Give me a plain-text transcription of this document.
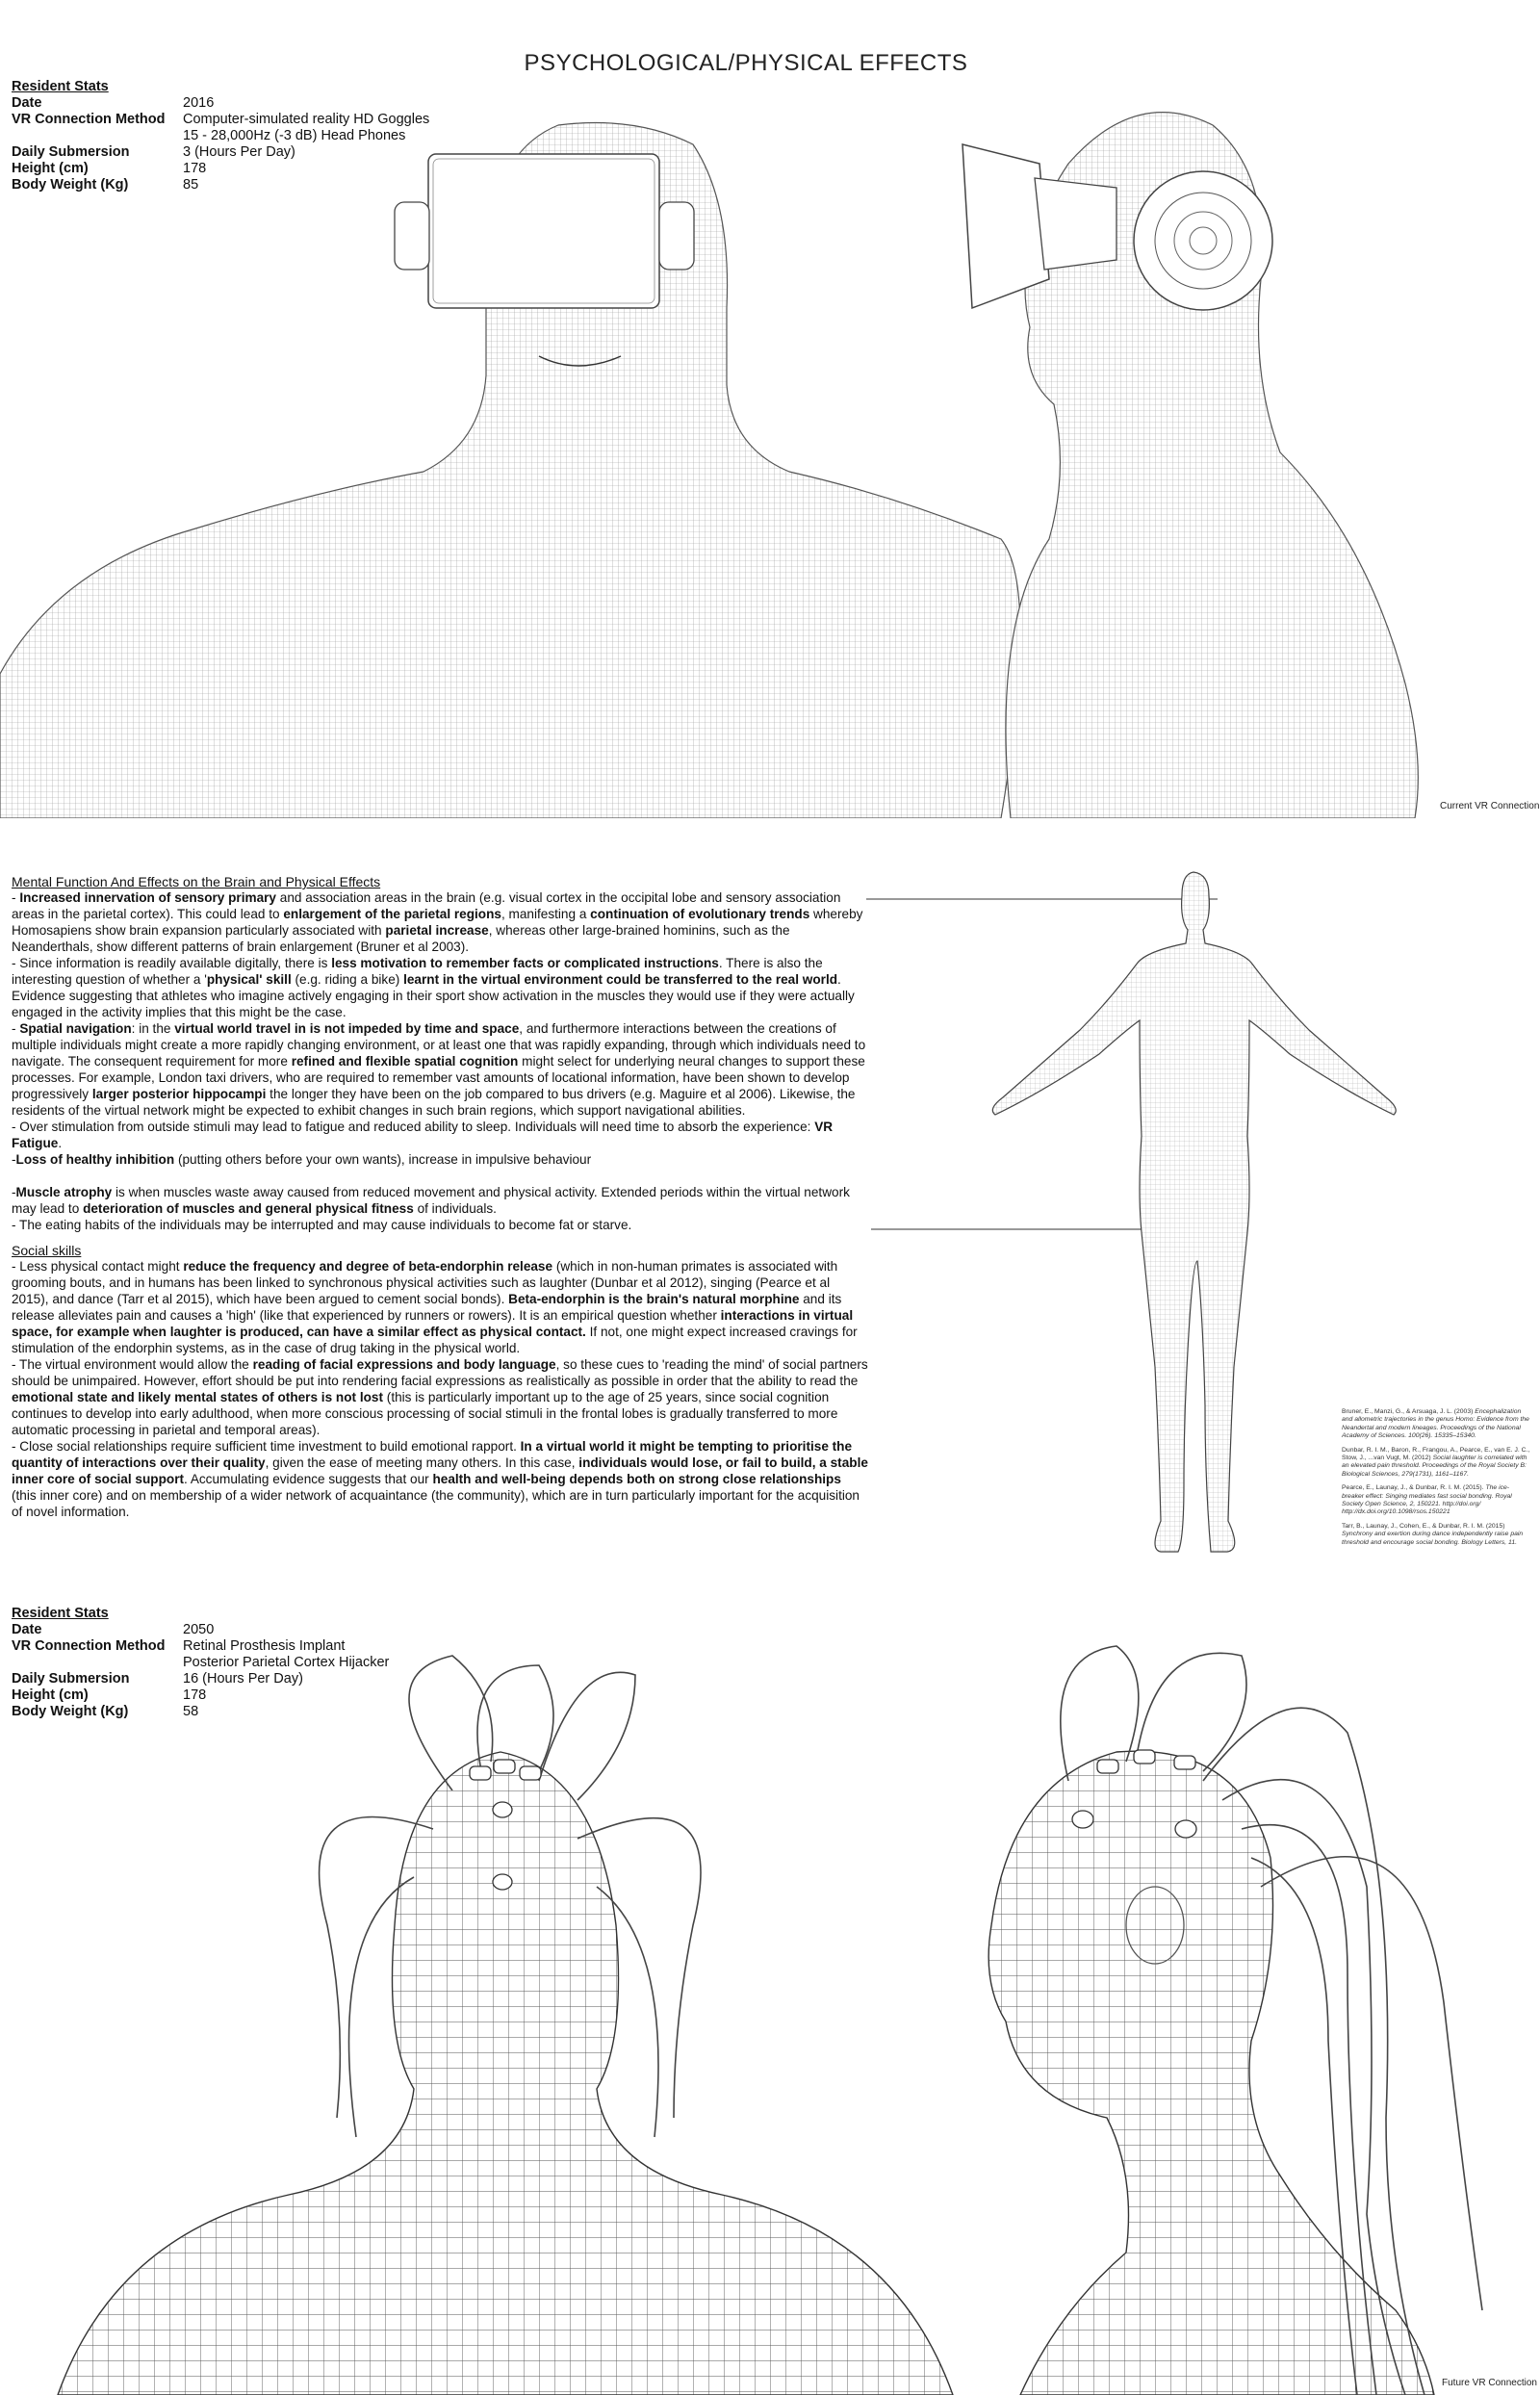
PSYCHOLOGICAL/PHYSICAL EFFECTS
Resident Stats
Date	2016
VR Connection Method	Computer-simulated reality HD Goggles
15 - 28,000Hz (-3 dB) Head Phones
Daily Submersion	3 (Hours Per Day)
Height (cm)	178
Body Weight (Kg)	85
Current VR Connection
Mental Function And Effects on the Brain and Physical Effects

- Increased innervation of sensory primary and association areas in the brain (e.g. visual cortex in the occipital lobe and sensory association areas in the parietal cortex). This could lead to enlargement of the parietal regions, manifesting a continuation of evolutionary trends whereby Homosapiens show brain expansion particularly associated with parietal increase, whereas other large-brained hominins, such as the Neanderthals, show different patterns of brain enlargement (Bruner et al 2003).

- Since information is readily available digitally, there is less motivation to remember facts or complicated instructions. There is also the interesting question of whether a 'physical' skill (e.g. riding a bike) learnt in the virtual environment could be transferred to the real world. Evidence suggesting that athletes who imagine actively engaging in their sport show activation in the muscles they would use if they were actually engaged in the activity implies that this might be the case.

- Spatial navigation: in the virtual world travel in is not impeded by time and space, and furthermore interactions between the creations of multiple individuals might create a more rapidly changing environment, or at least one that was rapidly expanding, through which individuals need to navigate. The consequent requirement for more refined and flexible spatial cognition might select for underlying neural changes to support these processes. For example, London taxi drivers, who are required to remember vast amounts of locational information, have been shown to develop progressively larger posterior hippocampi the longer they have been on the job compared to bus drivers (e.g. Maguire et al 2006). Likewise, the residents of the virtual network might be expected to exhibit changes in such brain regions, which support navigational abilities.

- Over stimulation from outside stimuli may lead to fatigue and reduced ability to sleep. Individuals will need time to absorb the experience: VR Fatigue.

-Loss of healthy inhibition (putting others before your own wants), increase in impulsive behaviour

-Muscle atrophy is when muscles waste away caused from reduced movement and physical activity. Extended periods within the virtual network may lead to deterioration of muscles and general physical fitness of individuals.

- The eating habits of the individuals may be interrupted and may cause individuals to become fat or starve.

Social skills

- Less physical contact might reduce the frequency and degree of beta-endorphin release (which in non-human primates is associated with grooming bouts, and in humans has been linked to synchronous physical activities such as laughter (Dunbar et al 2012), singing (Pearce et al 2015), and dance (Tarr et al 2015), which have been argued to cement social bonds). Beta-endorphin is the brain's natural morphine and its release alleviates pain and causes a 'high' (like that experienced by runners or rowers). It is an empirical question whether interactions in virtual space, for example when laughter is produced, can have a similar effect as physical contact. If not, one might expect increased cravings for stimulation of the endorphin systems, as in the case of drug taking in the physical world.

- The virtual environment would allow the reading of facial expressions and body language, so these cues to 'reading the mind' of social partners should be unimpaired. However, effort should be put into rendering facial expressions as realistically as possible in order that the ability to read the emotional state and likely mental states of others is not lost (this is particularly important up to the age of 25 years, since social cognition continues to develop into early adulthood, when more conscious processing of social stimuli in the frontal lobes is gradually transferred to more automatic processing in parietal and temporal areas).

- Close social relationships require sufficient time investment to build emotional rapport. In a virtual world it might be tempting to prioritise the quantity of interactions over their quality, given the ease of meeting many others. In this case, individuals would lose, or fail to build, a stable inner core of social support. Accumulating evidence suggests that our health and well-being depends both on strong close relationships (this inner core) and on membership of a wider network of acquaintance (the community), which are in turn particularly important for the acquisition of novel information.

Bruner, E., Manzi, G., & Arsuaga, J. L. (2003) Encephalization and allometric trajectories in the genus Homo: Evidence from the Neandertal and modern lineages. Proceedings of the National Academy of Sciences. 100(26). 15335–15340.

Dunbar, R. I. M., Baron, R., Frangou, A., Pearce, E., van E. J. C., Stow, J., ...van Vugt, M. (2012) Social laughter is correlated with an elevated pain threshold. Proceedings of the Royal Society B: Biological Sciences, 279(1731), 1161–1167.

Pearce, E., Launay, J., & Dunbar, R. I. M. (2015). The ice-breaker effect: Singing mediates fast social bonding. Royal Society Open Science, 2, 150221. http://doi.org/ http://dx.doi.org/10.1098/rsos.150221

Tarr, B., Launay, J., Cohen, E., & Dunbar, R. I. M. (2015) Synchrony and exertion during dance independently raise pain threshold and encourage social bonding. Biology Letters, 11.

Resident Stats
Date	2050
VR Connection Method	Retinal Prosthesis Implant
Posterior Parietal Cortex Hijacker
Daily Submersion	16 (Hours Per Day)
Height (cm)	178
Body Weight (Kg)	58
Future VR Connection
